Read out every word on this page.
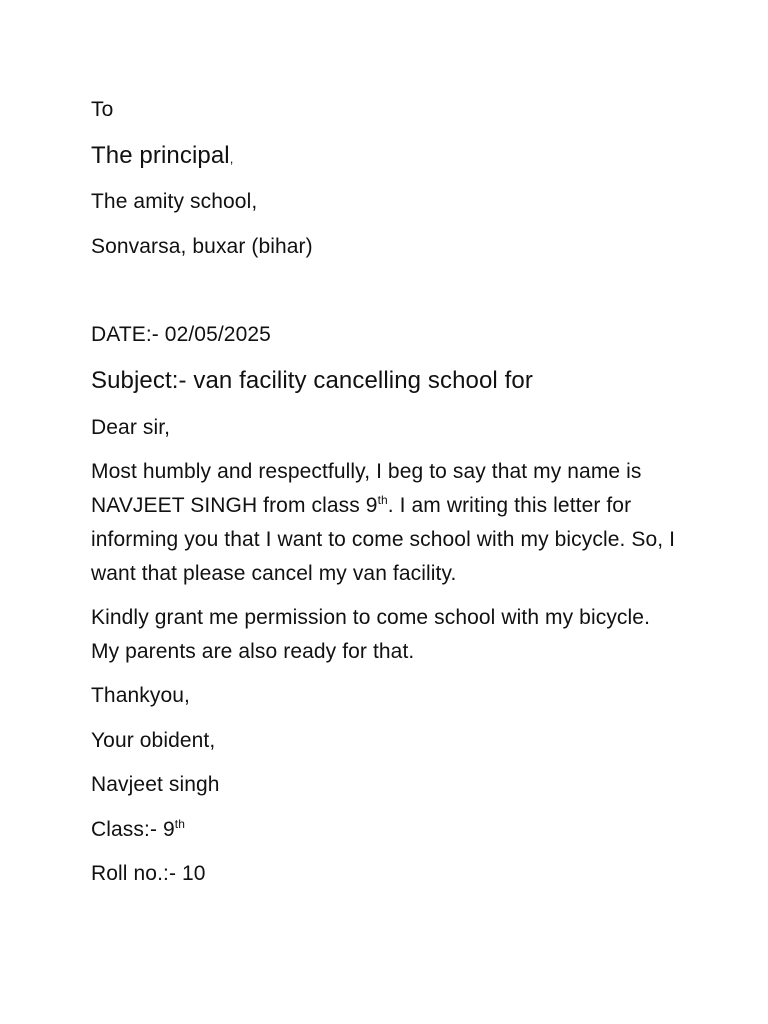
To

The principal,

The amity school,

Sonvarsa, buxar (bihar)

DATE:- 02/05/2025

Subject:- van facility cancelling school for

Dear sir,

Most humbly and respectfully, I beg to say that my name is NAVJEET SINGH from class 9th. I am writing this letter for informing you that I want to come school with my bicycle. So, I want that please cancel my van facility.

Kindly grant me permission to come school with my bicycle. My parents are also ready for that.

Thankyou,

Your obident,

Navjeet singh

Class:- 9th

Roll no.:- 10
